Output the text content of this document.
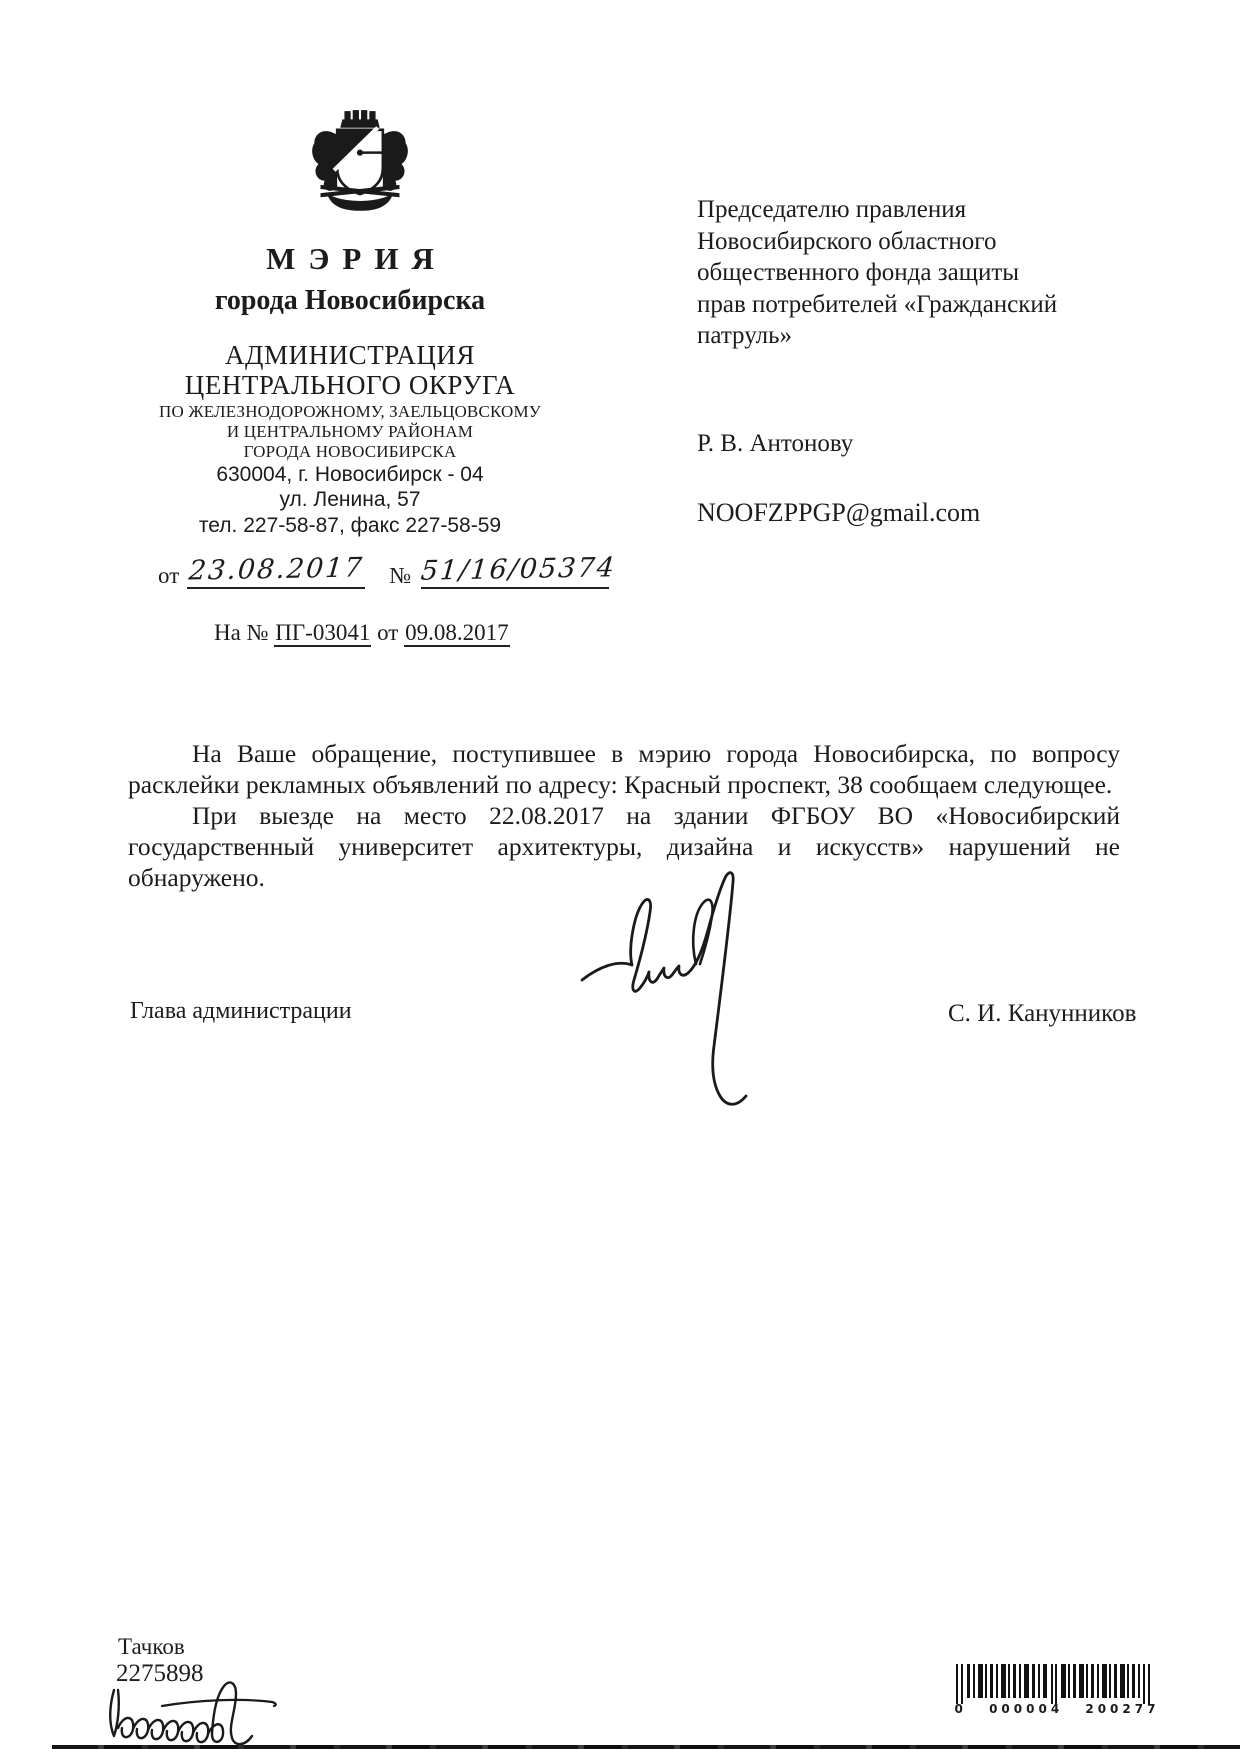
МЭРИЯ
города Новосибирска
АДМИНИСТРАЦИЯ
ЦЕНТРАЛЬНОГО ОКРУГА
ПО ЖЕЛЕЗНОДОРОЖНОМУ, ЗАЕЛЬЦОВСКОМУ
И ЦЕНТРАЛЬНОМУ РАЙОНАМ
ГОРОДА НОВОСИБИРСКА
630004, г. Новосибирск - 04
ул. Ленина, 57
тел. 227-58-87, факс 227-58-59
от 23.08.2017 № 51/16/05374
На № ПГ-03041 от 09.08.2017
Председателю правления
Новосибирского областного
общественного фонда защиты
прав потребителей «Гражданский
патруль»
Р. В. Антонову
NOOFZPPGP@gmail.com

На Ваше обращение, поступившее в мэрию города Новосибирска, по вопросу расклейки рекламных объявлений по адресу: Красный проспект, 38 сообщаем следующее.

При выезде на место 22.08.2017 на здании ФГБОУ ВО «Новосибирский государственный университет архитектуры, дизайна и искусств» нарушений не обнаружено.

Глава администрации	С. И. Канунников
Тачков
2275898
0 000004 200277
